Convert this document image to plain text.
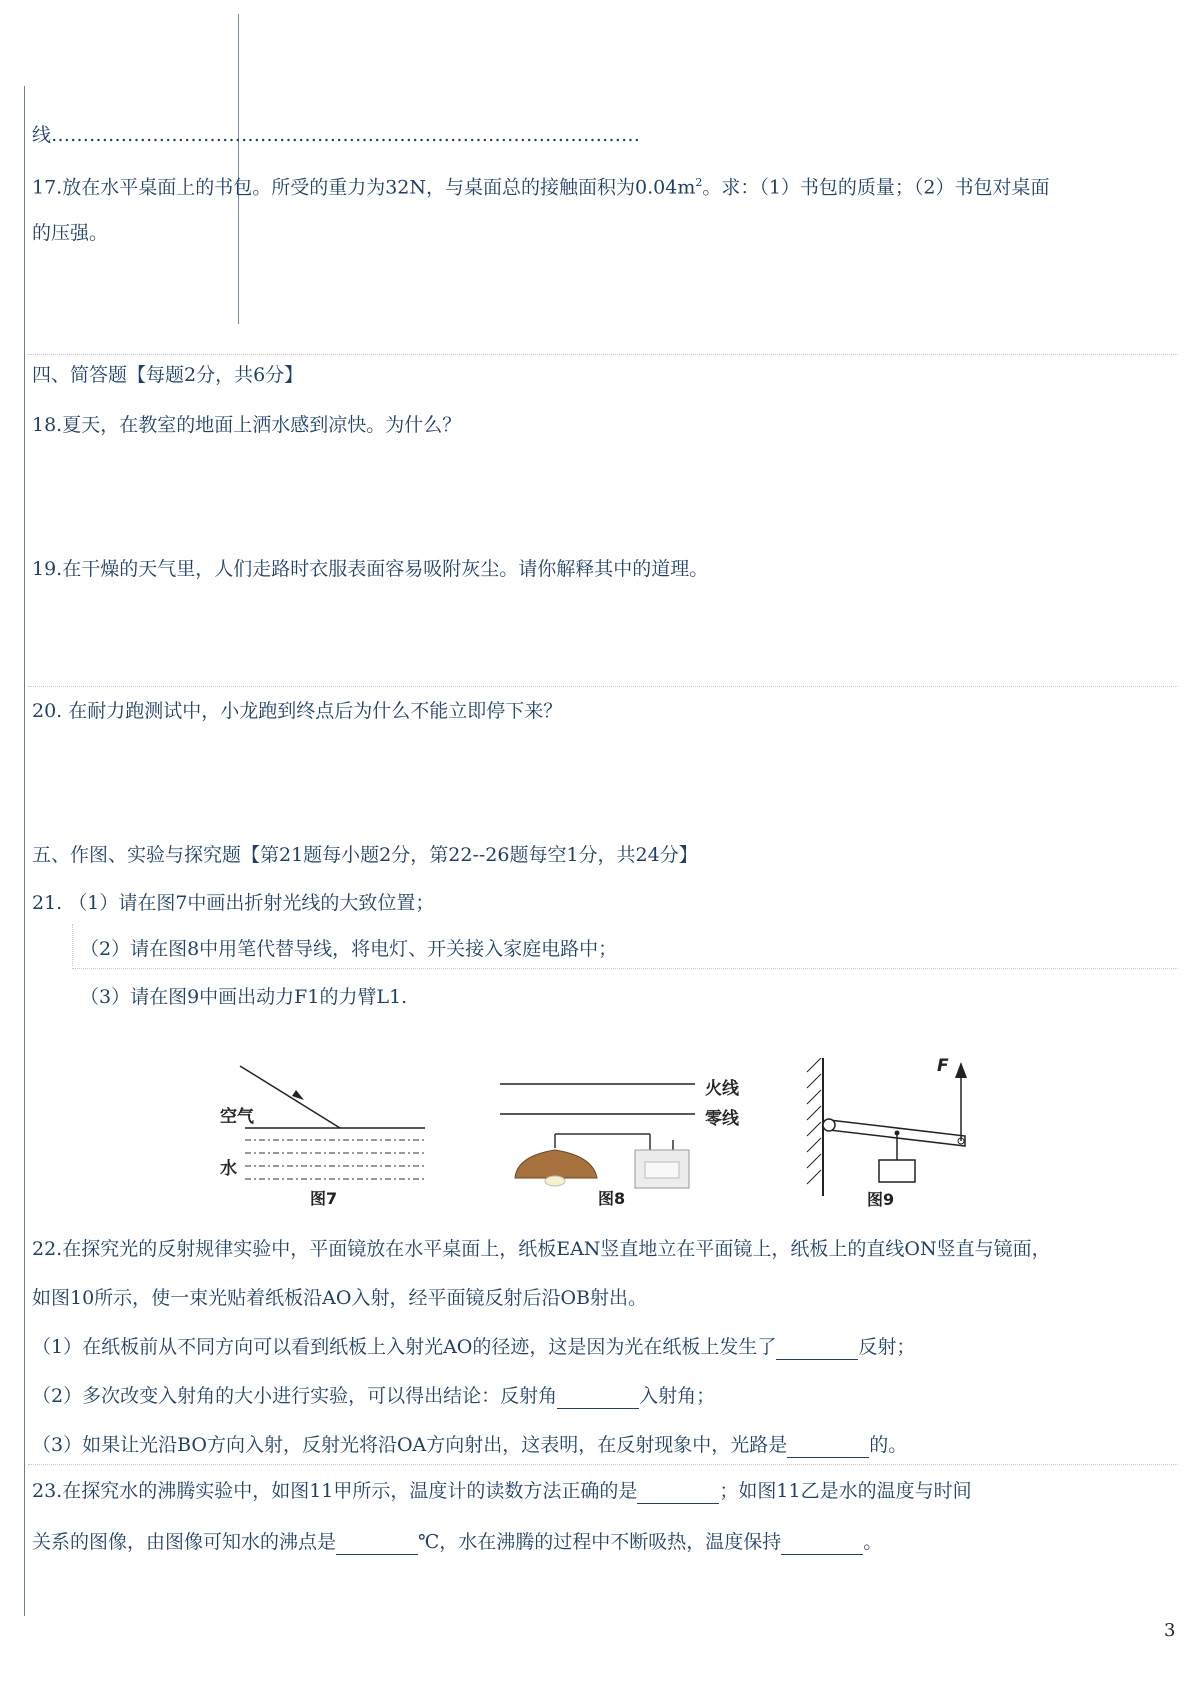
线…………………………………………………………………………………
17.放在水平桌面上的书包。所受的重力为32N，与桌面总的接触面积为$0.04m^2$。求：（1）书包的质量；（2）书包对桌面
的压强。
四、简答题【每题2分，共6分】
18.夏天，在教室的地面上洒水感到凉快。为什么？
19.在干燥的天气里，人们走路时衣服表面容易吸附灰尘。请你解释其中的道理。
20. 在耐力跑测试中，小龙跑到终点后为什么不能立即停下来？
五、作图、实验与探究题【第21题每小题2分，第22--26题每空1分，共24分】
21. （1）请在图7中画出折射光线的大致位置；
（2）请在图8中用笔代替导线，将电灯、开关接入家庭电路中；
（3）请在图9中画出动力F1的力臂L1.
空气
水
图7
火线
零线
图8
F
图9
22.在探究光的反射规律实验中，平面镜放在水平桌面上，纸板EAN竖直地立在平面镜上，纸板上的直线ON竖直与镜面，
如图10所示，使一束光贴着纸板沿AO入射，经平面镜反射后沿OB射出。
（1）在纸板前从不同方向可以看到纸板上入射光AO的径迹，这是因为光在纸板上发生了	反射；
（2）多次改变入射角的大小进行实验，可以得出结论：反射角	入射角；
（3）如果让光沿BO方向入射，反射光将沿OA方向射出，这表明，在反射现象中，光路是	的。
23.在探究水的沸腾实验中，如图11甲所示，温度计的读数方法正确的是	；如图11乙是水的温度与时间
关系的图像，由图像可知水的沸点是	℃，水在沸腾的过程中不断吸热，温度保持	。
3
